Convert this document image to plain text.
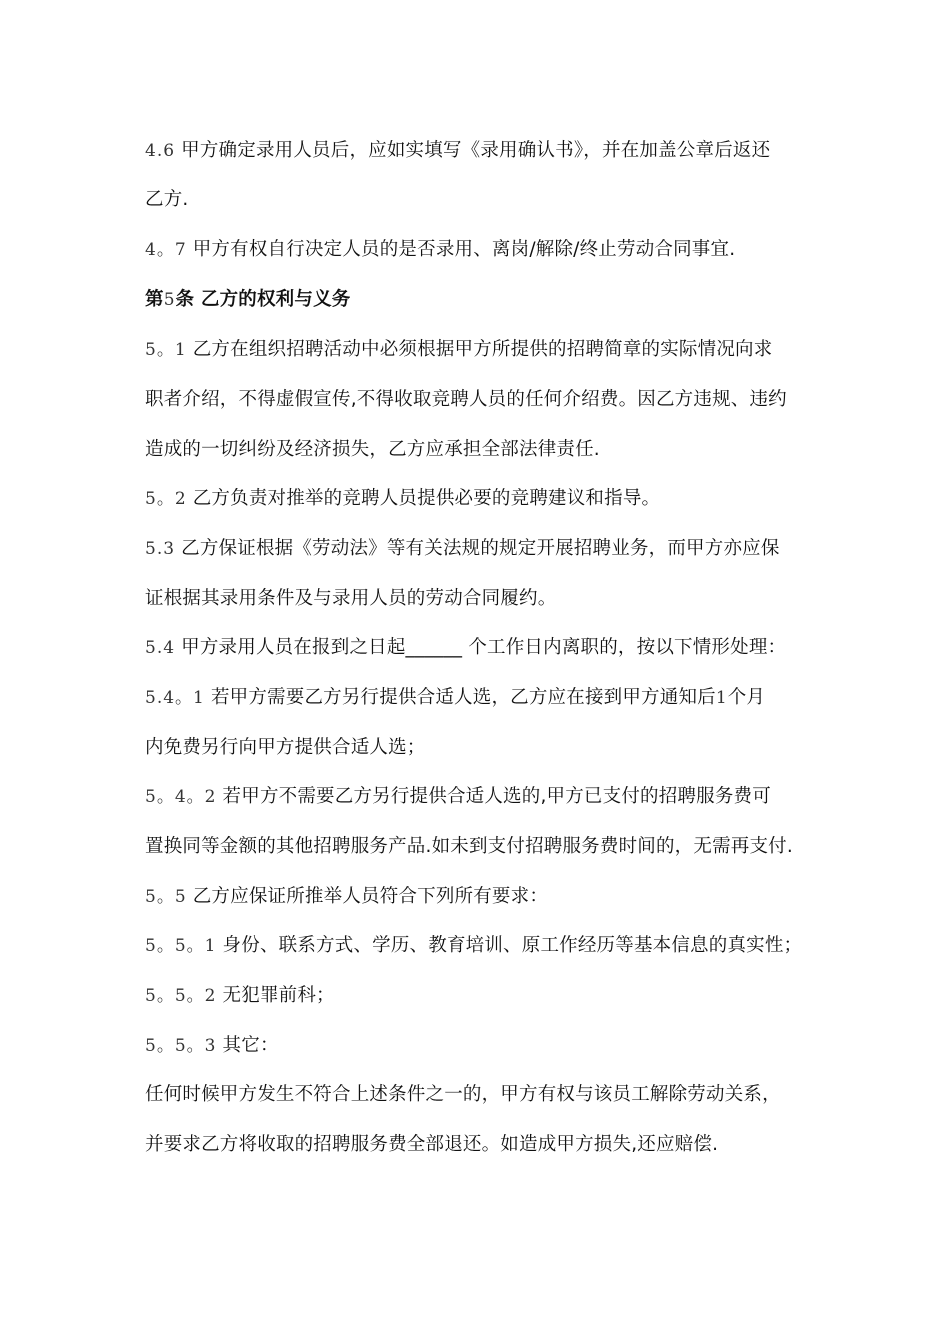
4.6 甲方确定录用人员后，应如实填写《录用确认书》，并在加盖公章后返还
乙方.
4。7 甲方有权自行决定人员的是否录用、离岗/解除/终止劳动合同事宜.
第5条 乙方的权利与义务
5。1 乙方在组织招聘活动中必须根据甲方所提供的招聘简章的实际情况向求
职者介绍，不得虚假宣传,不得收取竞聘人员的任何介绍费。因乙方违规、违约
造成的一切纠纷及经济损失，乙方应承担全部法律责任.
5。2 乙方负责对推举的竞聘人员提供必要的竞聘建议和指导。
5.3 乙方保证根据《劳动法》等有关法规的规定开展招聘业务，而甲方亦应保
证根据其录用条件及与录用人员的劳动合同履约。
5.4 甲方录用人员在报到之日起______ 个工作日内离职的，按以下情形处理：
5.4。1 若甲方需要乙方另行提供合适人选，乙方应在接到甲方通知后1个月
内免费另行向甲方提供合适人选；
5。4。2 若甲方不需要乙方另行提供合适人选的,甲方已支付的招聘服务费可
置换同等金额的其他招聘服务产品.如未到支付招聘服务费时间的，无需再支付.
5。5 乙方应保证所推举人员符合下列所有要求：
5。5。1 身份、联系方式、学历、教育培训、原工作经历等基本信息的真实性；
5。5。2 无犯罪前科；
5。5。3 其它：
任何时候甲方发生不符合上述条件之一的，甲方有权与该员工解除劳动关系，
并要求乙方将收取的招聘服务费全部退还。如造成甲方损失,还应赔偿.
